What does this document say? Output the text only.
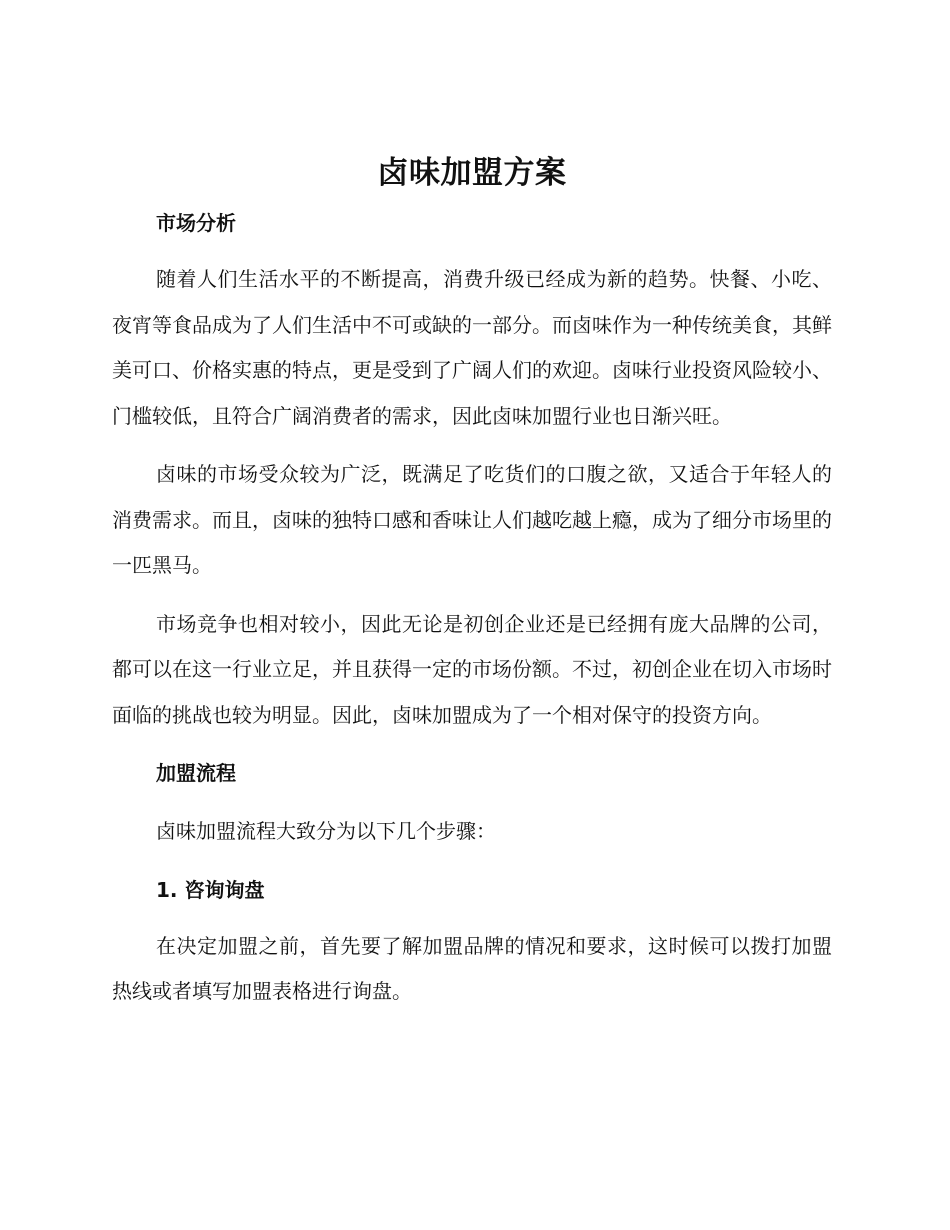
卤味加盟方案
市场分析

随着人们生活水平的不断提高，消费升级已经成为新的趋势。快餐、小吃、夜宵等食品成为了人们生活中不可或缺的一部分。而卤味作为一种传统美食，其鲜美可口、价格实惠的特点，更是受到了广阔人们的欢迎。卤味行业投资风险较小、门槛较低，且符合广阔消费者的需求，因此卤味加盟行业也日渐兴旺。

卤味的市场受众较为广泛，既满足了吃货们的口腹之欲，又适合于年轻人的消费需求。而且，卤味的独特口感和香味让人们越吃越上瘾，成为了细分市场里的一匹黑马。

市场竞争也相对较小，因此无论是初创企业还是已经拥有庞大品牌的公司，都可以在这一行业立足，并且获得一定的市场份额。不过，初创企业在切入市场时面临的挑战也较为明显。因此，卤味加盟成为了一个相对保守的投资方向。

加盟流程

卤味加盟流程大致分为以下几个步骤：

1. 咨询询盘

在决定加盟之前，首先要了解加盟品牌的情况和要求，这时候可以拨打加盟热线或者填写加盟表格进行询盘。
